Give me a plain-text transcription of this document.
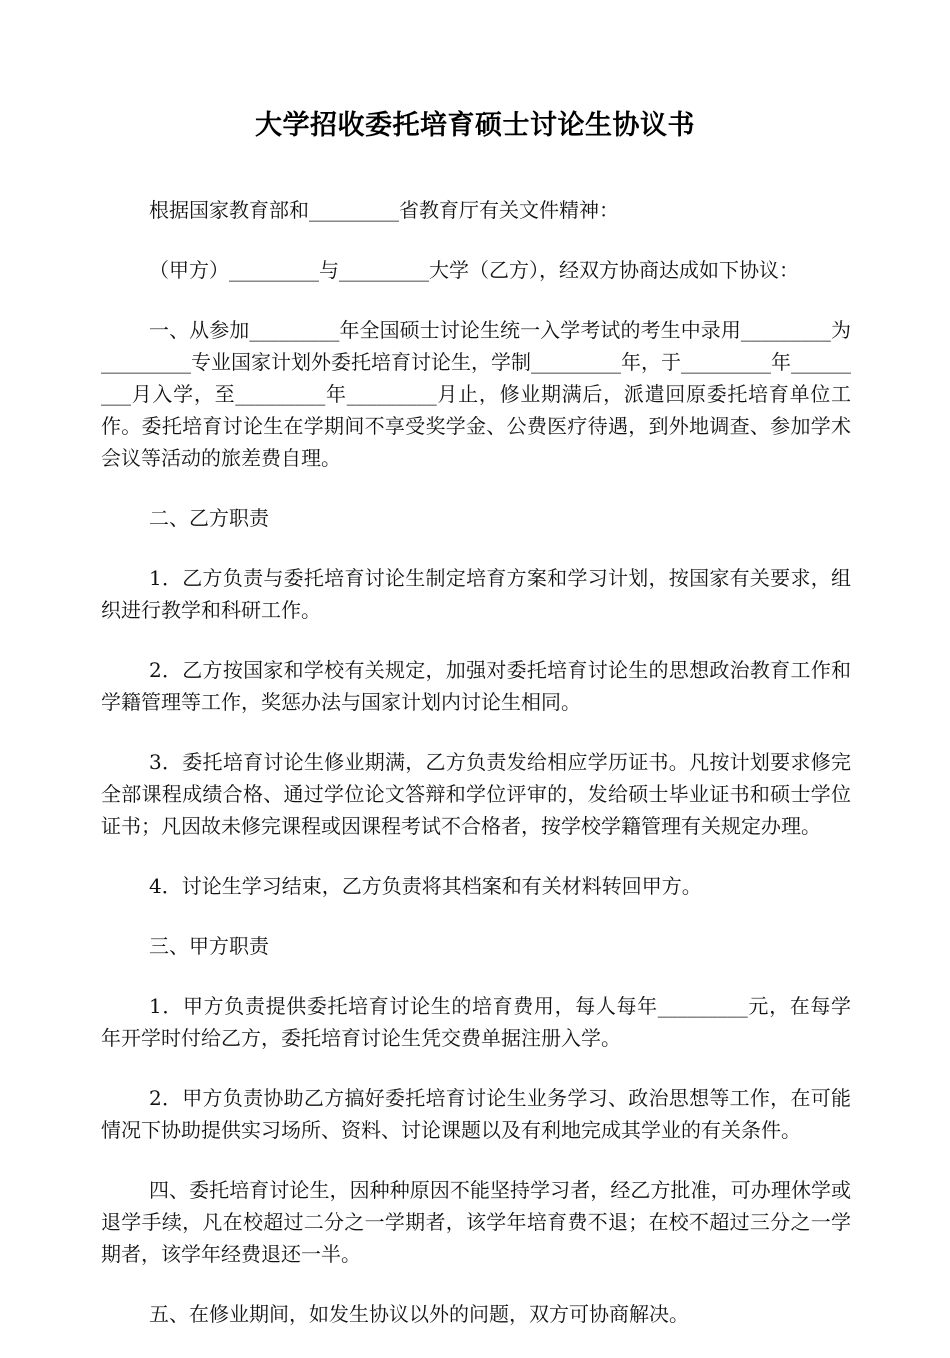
大学招收委托培育硕士讨论生协议书

根据国家教育部和_________省教育厅有关文件精神：

（甲方）_________与_________大学（乙方），经双方协商达成如下协议：

一、从参加_________年全国硕士讨论生统一入学考试的考生中录用_________为_________专业国家计划外委托培育讨论生，学制_________年，于_________年_________月入学，至_________年_________月止，修业期满后，派遣回原委托培育单位工作。委托培育讨论生在学期间不享受奖学金、公费医疗待遇，到外地调查、参加学术会议等活动的旅差费自理。

二、乙方职责

1．乙方负责与委托培育讨论生制定培育方案和学习计划，按国家有关要求，组织进行教学和科研工作。

2．乙方按国家和学校有关规定，加强对委托培育讨论生的思想政治教育工作和学籍管理等工作，奖惩办法与国家计划内讨论生相同。

3．委托培育讨论生修业期满，乙方负责发给相应学历证书。凡按计划要求修完全部课程成绩合格、通过学位论文答辩和学位评审的，发给硕士毕业证书和硕士学位证书；凡因故未修完课程或因课程考试不合格者，按学校学籍管理有关规定办理。

4．讨论生学习结束，乙方负责将其档案和有关材料转回甲方。

三、甲方职责

1．甲方负责提供委托培育讨论生的培育费用，每人每年_________元，在每学年开学时付给乙方，委托培育讨论生凭交费单据注册入学。

2．甲方负责协助乙方搞好委托培育讨论生业务学习、政治思想等工作，在可能情况下协助提供实习场所、资料、讨论课题以及有利地完成其学业的有关条件。

四、委托培育讨论生，因种种原因不能坚持学习者，经乙方批准，可办理休学或退学手续，凡在校超过二分之一学期者，该学年培育费不退；在校不超过三分之一学期者，该学年经费退还一半。

五、在修业期间，如发生协议以外的问题，双方可协商解决。
